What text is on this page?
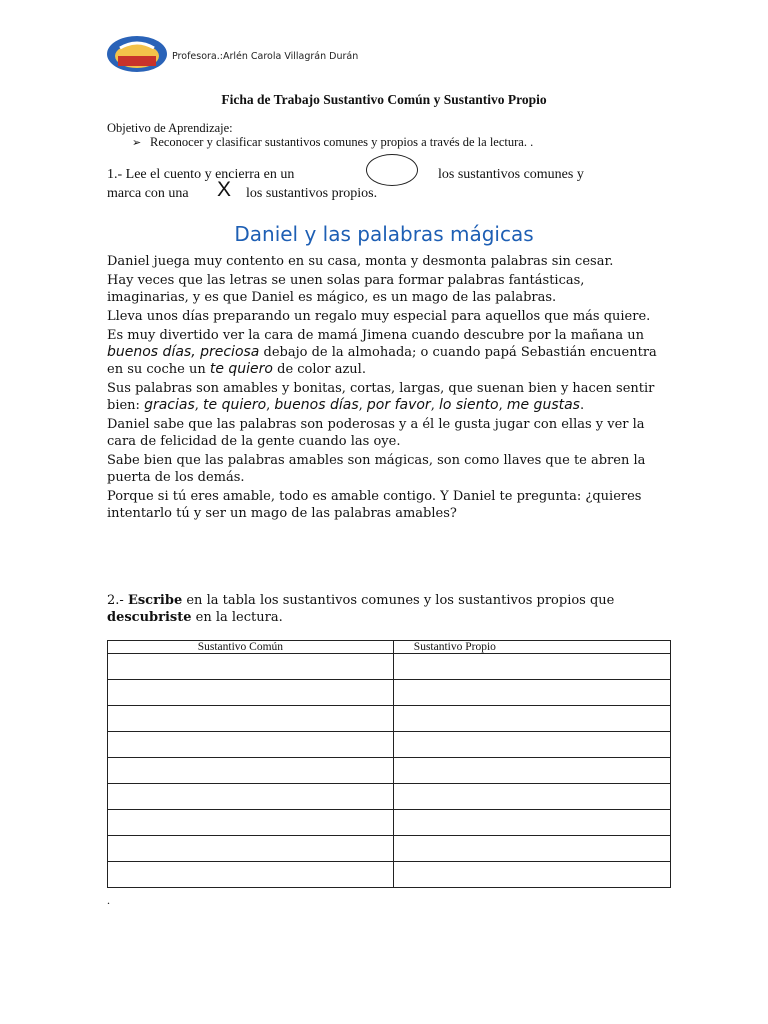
Profesora.:Arlén Carola Villagrán Durán
Ficha de Trabajo Sustantivo Común y Sustantivo Propio
Objetivo de Aprendizaje:
➢ Reconocer y clasificar sustantivos comunes y propios a través de la lectura. .
1.- Lee el cuento y encierra en un	los sustantivos comunes y
marca con una X los sustantivos propios.
Daniel y las palabras mágicas

Daniel juega muy contento en su casa, monta y desmonta palabras sin cesar.

Hay veces que las letras se unen solas para formar palabras fantásticas, imaginarias, y es que Daniel es mágico, es un mago de las palabras.

Lleva unos días preparando un regalo muy especial para aquellos que más quiere.

Es muy divertido ver la cara de mamá Jimena cuando descubre por la mañana un buenos días, preciosa debajo de la almohada; o cuando papá Sebastián encuentra en su coche un te quiero de color azul.

Sus palabras son amables y bonitas, cortas, largas, que suenan bien y hacen sentir bien: gracias, te quiero, buenos días, por favor, lo siento, me gustas.

Daniel sabe que las palabras son poderosas y a él le gusta jugar con ellas y ver la cara de felicidad de la gente cuando las oye.

Sabe bien que las palabras amables son mágicas, son como llaves que te abren la puerta de los demás.

Porque si tú eres amable, todo es amable contigo. Y Daniel te pregunta: ¿quieres intentarlo tú y ser un mago de las palabras amables?

2.- Escribe en la tabla los sustantivos comunes y los sustantivos propios que descubriste en la lectura.
Sustantivo Común	Sustantivo Propio

.
